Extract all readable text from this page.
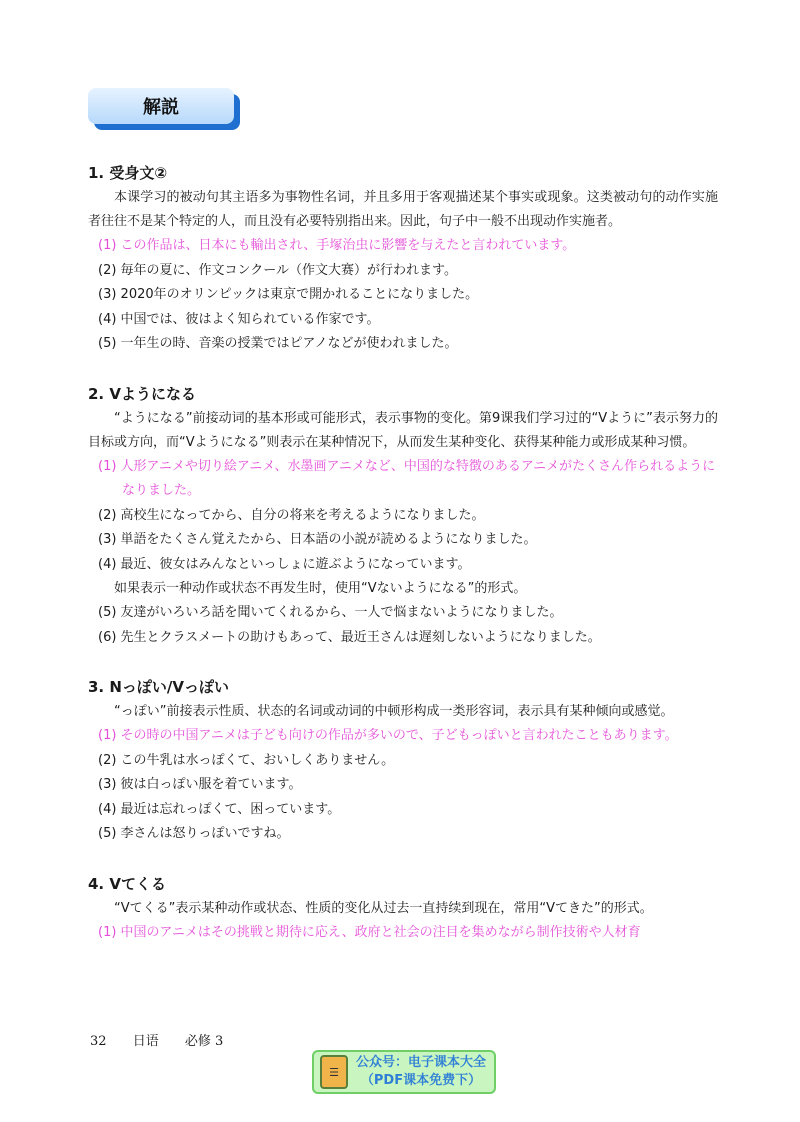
解説
1. 受身文②
本课学习的被动句其主语多为事物性名词，并且多用于客观描述某个事实或现象。这类被动句的动作实施者往往不是某个特定的人，而且没有必要特别指出来。因此，句子中一般不出现动作实施者。
(1) この作品は、日本にも輸出され、手塚治虫に影響を与えたと言われています。
(2) 毎年の夏に、作文コンクール（作文大赛）が行われます。
(3) 2020年のオリンピックは東京で開かれることになりました。
(4) 中国では、彼はよく知られている作家です。
(5) 一年生の時、音楽の授業ではピアノなどが使われました。
2. Vようになる
“ようになる”前接动词的基本形或可能形式，表示事物的变化。第9课我们学习过的“Vように”表示努力的目标或方向，而“Vようになる”则表示在某种情况下，从而发生某种变化、获得某种能力或形成某种习惯。
(1) 人形アニメや切り絵アニメ、水墨画アニメなど、中国的な特徴のあるアニメがたくさん作られるようになりました。
(2) 高校生になってから、自分の将来を考えるようになりました。
(3) 単語をたくさん覚えたから、日本語の小説が読めるようになりました。
(4) 最近、彼女はみんなといっしょに遊ぶようになっています。
如果表示一种动作或状态不再发生时，使用“Vないようになる”的形式。
(5) 友達がいろいろ話を聞いてくれるから、一人で悩まないようになりました。
(6) 先生とクラスメートの助けもあって、最近王さんは遅刻しないようになりました。
3. Nっぽい/Vっぽい
“っぽい”前接表示性质、状态的名词或动词的中顿形构成一类形容词，表示具有某种倾向或感觉。
(1) その時の中国アニメは子ども向けの作品が多いので、子どもっぽいと言われたこともあります。
(2) この牛乳は水っぽくて、おいしくありません。
(3) 彼は白っぽい服を着ています。
(4) 最近は忘れっぽくて、困っています。
(5) 李さんは怒りっぽいですね。
4. Vてくる
“Vてくる”表示某种动作或状态、性质的变化从过去一直持续到现在，常用“Vてきた”的形式。
(1) 中国のアニメはその挑戦と期待に応え、政府と社会の注目を集めながら制作技術や人材育
32 日语 必修 3
☰
公众号：电子课本大全
（PDF课本免费下）
